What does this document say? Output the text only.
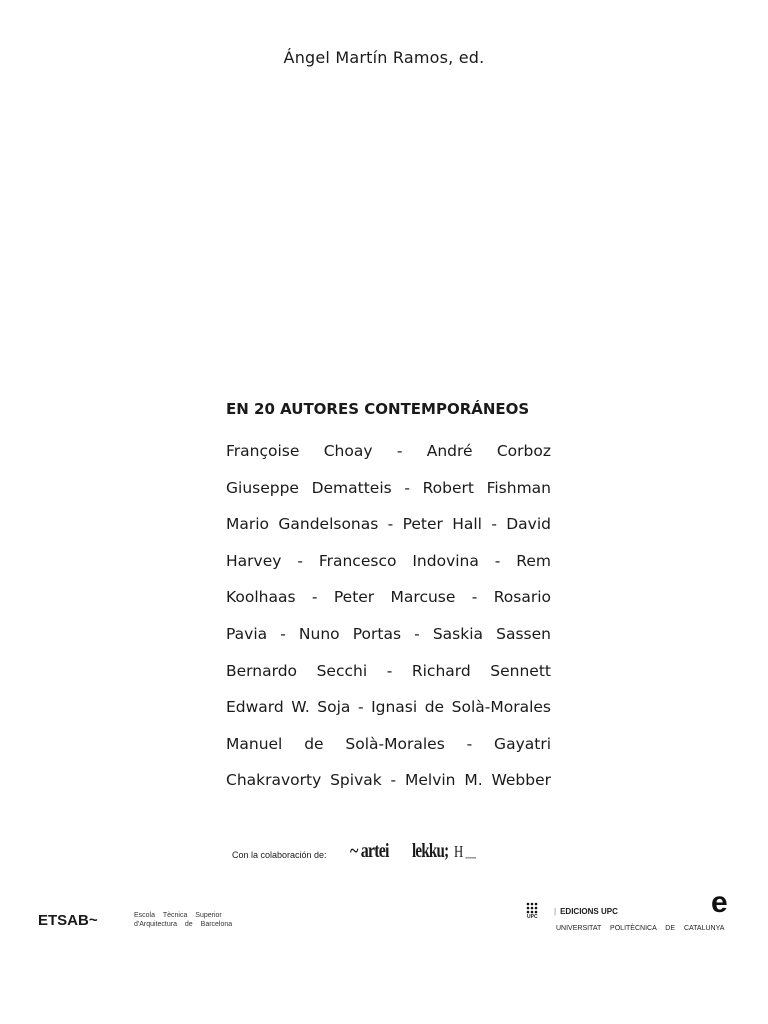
Ángel Martín Ramos, ed.
EN 20 AUTORES CONTEMPORÁNEOS
Françoise Choay - André Corboz
Giuseppe Dematteis - Robert Fishman
Mario Gandelsonas - Peter Hall - David
Harvey - Francesco Indovina - Rem
Koolhaas - Peter Marcuse - Rosario
Pavia - Nuno Portas - Saskia Sassen
Bernardo Secchi - Richard Sennett
Edward W. Soja - Ignasi de Solà-Morales
Manuel de Solà-Morales - Gayatri
Chakravorty Spivak - Melvin M. Webber
Con la colaboración de: ~ artei lekku; H ▪▪▪▪▪▪▪▪▪▪
ETSAB~	Escola Tècnica Superior
d'Arquitectura de Barcelona
UPC
| EDICIONS UPC
UNIVERSITAT POLITÈCNICA DE CATALUNYA
e
